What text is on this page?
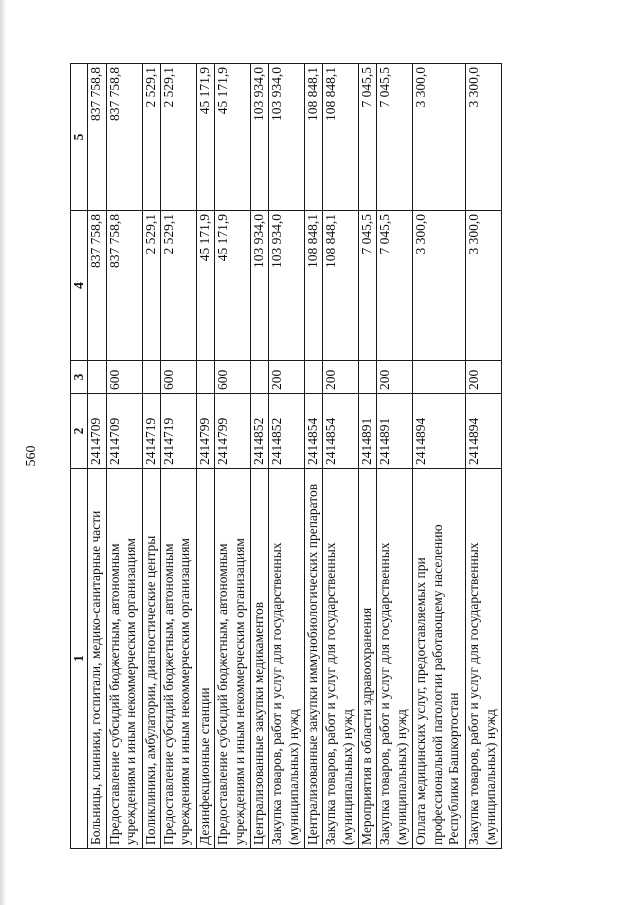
560
1	2	3	4	5
Больницы, клиники, госпитали, медико-санитарные части	2414709		837 758,8	837 758,8
Предоставление субсидий бюджетным, автономным учреждениям и иным некоммерческим организациям	2414709	600	837 758,8	837 758,8
Поликлиники, амбулатории, диагностические центры	2414719		2 529,1	2 529,1
Предоставление субсидий бюджетным, автономным учреждениям и иным некоммерческим организациям	2414719	600	2 529,1	2 529,1
Дезинфекционные станции	2414799		45 171,9	45 171,9
Предоставление субсидий бюджетным, автономным учреждениям и иным некоммерческим организациям	2414799	600	45 171,9	45 171,9
Централизованные закупки медикаментов	2414852		103 934,0	103 934,0
Закупка товаров, работ и услуг для государственных (муниципальных) нужд	2414852	200	103 934,0	103 934,0
Централизованные закупки иммунобиологических препаратов	2414854		108 848,1	108 848,1
Закупка товаров, работ и услуг для государственных (муниципальных) нужд	2414854	200	108 848,1	108 848,1
Мероприятия в области здравоохранения	2414891		7 045,5	7 045,5
Закупка товаров, работ и услуг для государственных (муниципальных) нужд	2414891	200	7 045,5	7 045,5
Оплата медицинских услуг, предоставляемых при профессиональной патологии работающему населению Республики Башкортостан	2414894		3 300,0	3 300,0
Закупка товаров, работ и услуг для государственных (муниципальных) нужд	2414894	200	3 300,0	3 300,0
